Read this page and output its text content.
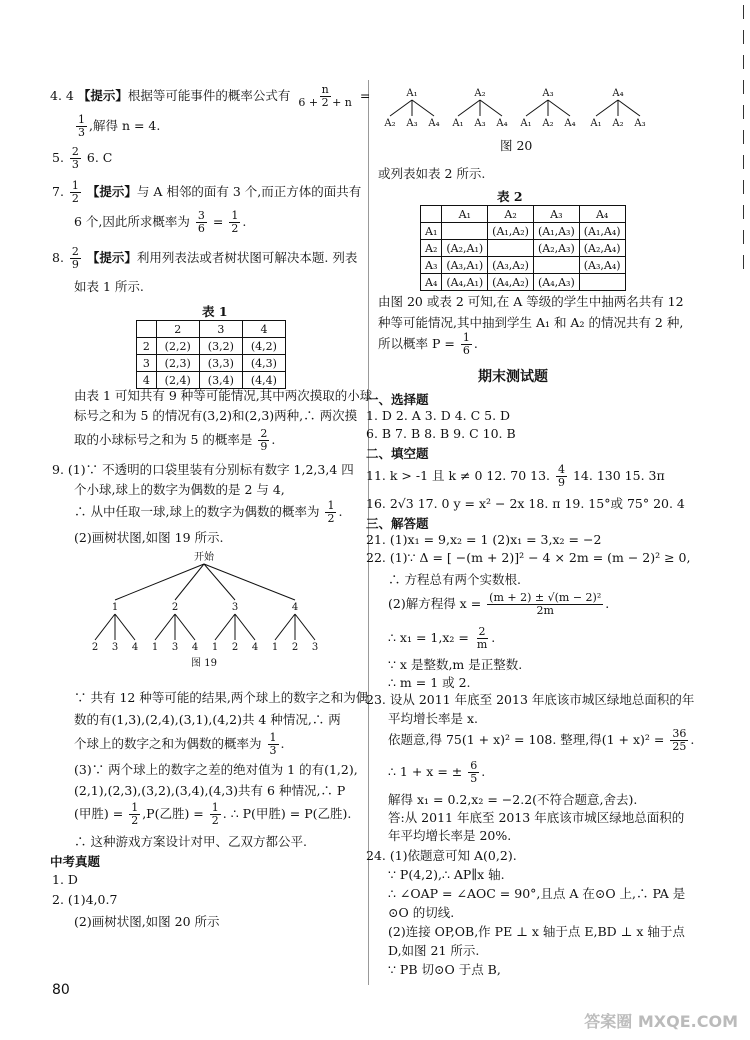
4. 4 【提示】根据等可能事件的概率公式有 $\frac{n}{6 + 2 + n}$ =
$\frac{1}{3}$ ,解得 n = 4.
5. $\frac{2}{3} 6$. C
7. $\frac{1}{2}$ 【提示】与 A 相邻的面有 3 个,而正方体的面共有
6 个,因此所求概率为 $\frac{3}{6} = \frac{1}{2}$ .
8. $\frac{2}{9}$ 【提示】利用列表法或者树状图可解决本题. 列表
如表 1 所示.
表 1
	2	3	4
2	(2,2)	(3,2)	(4,2)
3	(2,3)	(3,3)	(4,3)
4	(2,4)	(3,4)	(4,4)
由表 1 可知共有 9 种等可能情况,其中两次摸取的小球
标号之和为 5 的情况有(3,2)和(2,3)两种,∴ 两次摸
取的小球标号之和为 5 的概率是 $\frac{2}{9}$ .
9. (1)∵ 不透明的口袋里装有分别标有数字 1,2,3,4 四
个小球,球上的数字为偶数的是 2 与 4,
∴ 从中任取一球,球上的数字为偶数的概率为 $\frac{1}{2}$ .
(2)画树状图,如图 19 所示.
开始
1	2	3	4
2 3 4 1 3 4 1 2 4 1 2 3
图 19
∵ 共有 12 种等可能的结果,两个球上的数字之和为偶
数的有(1,3),(2,4),(3,1),(4,2)共 4 种情况,∴ 两
个球上的数字之和为偶数的概率为 $\frac{1}{3}$ .
(3)∵ 两个球上的数字之差的绝对值为 1 的有(1,2),
(2,1),(2,3),(3,2),(3,4),(4,3)共有 6 种情况,∴ P
(甲胜) = $\frac{1}{2} ,P$(乙胜) = $\frac{1}{2}$ . ∴ P(甲胜) = P(乙胜).
∴ 这种游戏方案设计对甲、乙双方都公平.
中考真题
1. D
2. (1)4,0.7
(2)画树状图,如图 20 所示
80
A₁
A₂ A₃ A₄
A₂
A₁ A₃ A₄
A₃
A₁ A₂ A₄
A₄
A₁ A₂ A₃
图 20
或列表如表 2 所示.
表 2
	A₁	A₂	A₃	A₄
A₁		(A₁,A₂)	(A₁,A₃)	(A₁,A₄)
A₂	(A₂,A₁)		(A₂,A₃)	(A₂,A₄)
A₃	(A₃,A₁)	(A₃,A₂)		(A₃,A₄)
A₄	(A₄,A₁)	(A₄,A₂)	(A₄,A₃)	
由图 20 或表 2 可知,在 A 等级的学生中抽两名共有 12
种等可能情况,其中抽到学生 A₁ 和 A₂ 的情况共有 2 种,
所以概率 $P = \frac{1}{6}$ .
期末测试题
一、选择题
1. D 2. A 3. D 4. C 5. D
6. B 7. B 8. B 9. C 10. B
二、填空题
11. k > -1 且 k ≠ 0 12. 70 13. $\frac{4}{9} 14$. 130 15. 3π
16. 2√3 17. 0 y = x² − 2x 18. π 19. 15°或 75° 20. 4
三、解答题
21. (1)x₁ = 9,x₂ = 1 (2)x₁ = 3,x₂ = −2
22. (1)∵ Δ = [ −(m + 2)]² − 4 × 2m = (m − 2)² ≥ 0,
∴ 方程总有两个实数根.
(2)解方程得 $x = \frac{\text{(m + 2) ± √(m − 2)²}}{2m}$ .
∴ $x_1 = 1,x_2 = \frac{2}{m}$ .
∵ x 是整数,m 是正整数.
∴ m = 1 或 2.
23. 设从 2011 年底至 2013 年底该市城区绿地总面积的年
平均增长率是 x.
依题意,得 75(1 + x)² = 108. 整理,得$(1 + x)^2 = \frac{36}{25}$ .
∴ 1 + x = ± $\frac{6}{5}$ .
解得 x₁ = 0.2,x₂ = −2.2(不符合题意,舍去).
答:从 2011 年底至 2013 年底该市城区绿地总面积的
年平均增长率是 20%.
24. (1)依题意可知 A(0,2).
∵ P(4,2),∴ AP∥x 轴.
∴ ∠OAP = ∠AOC = 90°,且点 A 在⊙O 上,∴ PA 是
⊙O 的切线.
(2)连接 OP,OB,作 PE ⊥ x 轴于点 E,BD ⊥ x 轴于点
D,如图 21 所示.
∵ PB 切⊙O 于点 B,
答案圈 MXQE.COM
